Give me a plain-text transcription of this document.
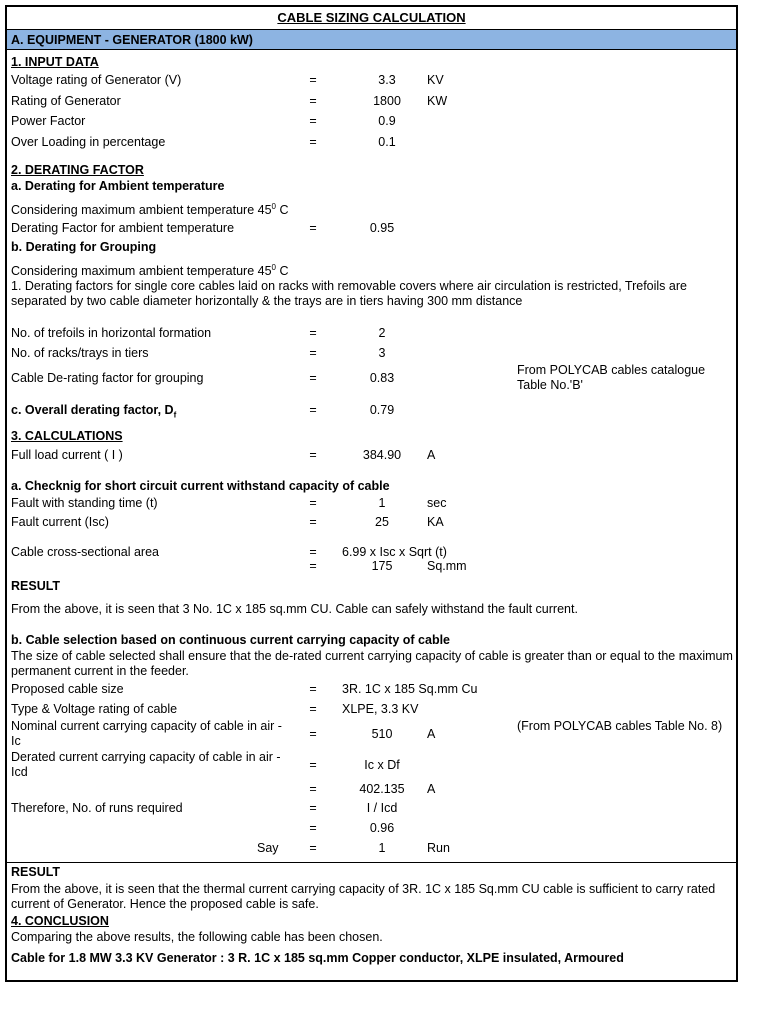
CABLE SIZING CALCULATION
A. EQUIPMENT - GENERATOR (1800 kW)
1. INPUT DATA
Voltage rating of Generator (V)	=	3.3	KV
Rating of Generator	=	1800	KW
Power Factor	=	0.9
Over Loading in percentage	=	0.1
2. DERATING FACTOR
a. Derating for Ambient temperature
Considering maximum ambient temperature $45^0$ C
Derating Factor for ambient temperature	=	0.95
b. Derating for Grouping
Considering maximum ambient temperature $45^0$ C
1. Derating factors for single core cables laid on racks with removable covers where air circulation is restricted, Trefoils are separated by two cable diameter horizontally & the trays are in tiers having 300 mm distance
No. of trefoils in horizontal formation	=	2
No. of racks/trays in tiers	=	3
Cable De-rating factor for grouping	=	0.83
From POLYCAB cables catalogue Table No.'B'
c. Overall derating factor, $D_f$	=	0.79
3. CALCULATIONS
Full load current ( I )	=	384.90	A
a. Checknig for short circuit current withstand capacity of cable
Fault with standing time (t)	=	1	sec
Fault current (Isc)	=	25	KA
Cable cross-sectional area	= 6.99 x Isc x Sqrt (t)
=	175	Sq.mm
RESULT
From the above, it is seen that 3 No. 1C x 185 sq.mm CU. Cable can safely withstand the fault current.
b. Cable selection based on continuous current carrying capacity of cable
The size of cable selected shall ensure that the de-rated current carrying capacity of cable is greater than or equal to the maximum permanent current in the feeder.
Proposed cable size	= 3R. 1C x 185 Sq.mm Cu
Type & Voltage rating of cable	= XLPE, 3.3 KV
Nominal current carrying capacity of cable in air -Ic	=	510	A
(From POLYCAB cables Table No. 8)
Derated current carrying capacity of cable in air -Icd	=	Ic x Df
=	402.135	A
Therefore, No. of runs required	=	I / Icd
=	0.96
Say =	1	Run
RESULT
From the above, it is seen that the thermal current carrying capacity of 3R. 1C x 185 Sq.mm CU cable is sufficient to carry rated current of Generator. Hence the proposed cable is safe.
4. CONCLUSION
Comparing the above results, the following cable has been chosen.
Cable for 1.8 MW 3.3 KV Generator : 3 R. 1C x 185 sq.mm Copper conductor, XLPE insulated, Armoured
